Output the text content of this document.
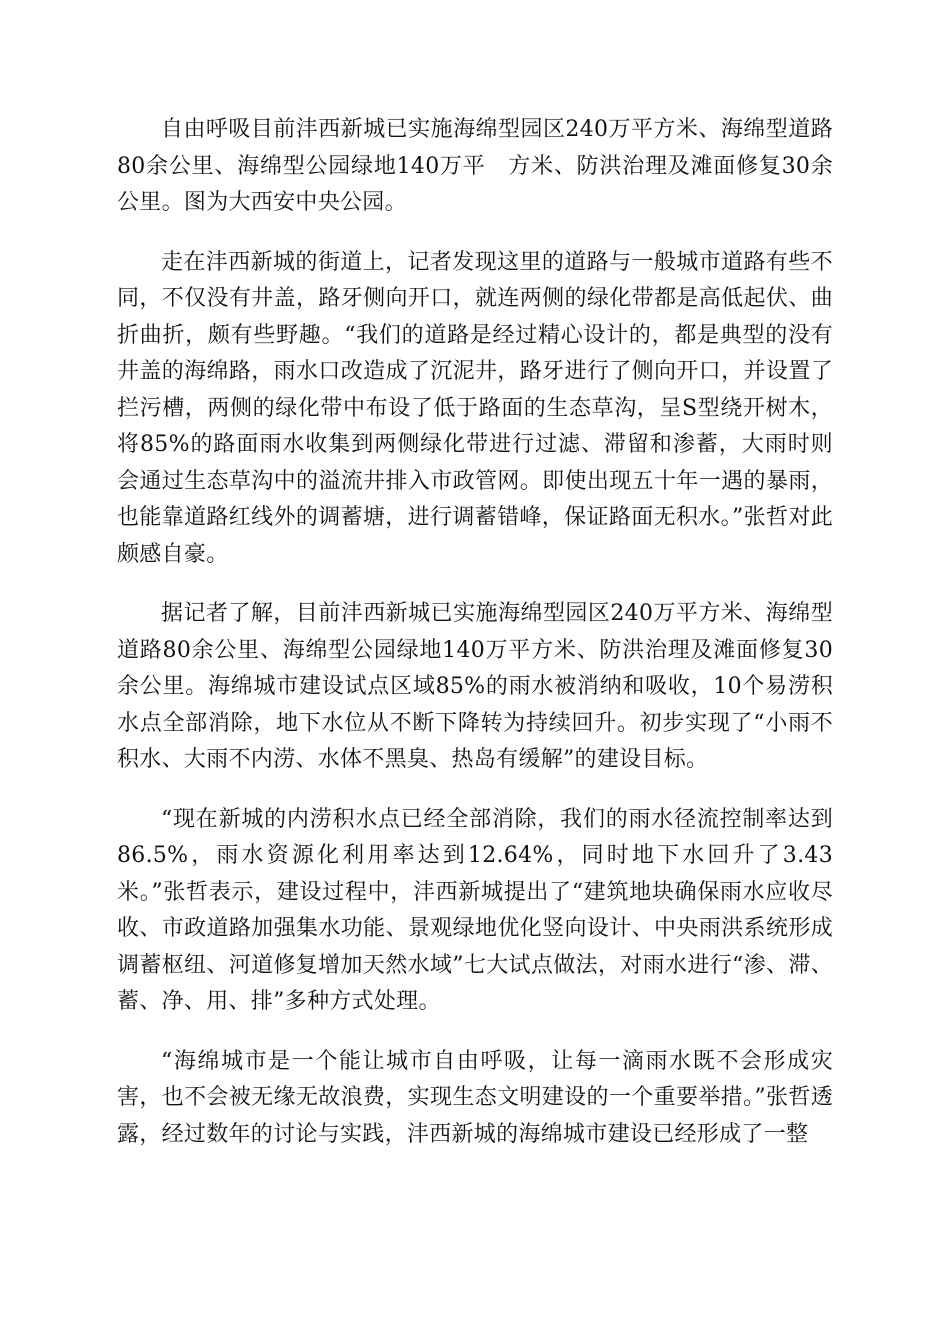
自由呼吸目前沣西新城已实施海绵型园区240万平方米、海绵型道路80余公里、海绵型公园绿地140万平　方米、防洪治理及滩面修复30余公里。图为大西安中央公园。

走在沣西新城的街道上，记者发现这里的道路与一般城市道路有些不同，不仅没有井盖，路牙侧向开口，就连两侧的绿化带都是高低起伏、曲折曲折，颇有些野趣。“我们的道路是经过精心设计的，都是典型的没有井盖的海绵路，雨水口改造成了沉泥井，路牙进行了侧向开口，并设置了拦污槽，两侧的绿化带中布设了低于路面的生态草沟，呈S型绕开树木，将85%的路面雨水收集到两侧绿化带进行过滤、滞留和渗蓄，大雨时则会通过生态草沟中的溢流井排入市政管网。即使出现五十年一遇的暴雨，也能靠道路红线外的调蓄塘，进行调蓄错峰，保证路面无积水。”张哲对此颇感自豪。

据记者了解，目前沣西新城已实施海绵型园区240万平方米、海绵型道路80余公里、海绵型公园绿地140万平方米、防洪治理及滩面修复30余公里。海绵城市建设试点区域85%的雨水被消纳和吸收，10个易涝积水点全部消除，地下水位从不断下降转为持续回升。初步实现了“小雨不积水、大雨不内涝、水体不黑臭、热岛有缓解”的建设目标。

“现在新城的内涝积水点已经全部消除，我们的雨水径流控制率达到86.5%，雨水资源化利用率达到12.64%，同时地下水回升了3.43米。”张哲表示，建设过程中，沣西新城提出了“建筑地块确保雨水应收尽收、市政道路加强集水功能、景观绿地优化竖向设计、中央雨洪系统形成调蓄枢纽、河道修复增加天然水域”七大试点做法，对雨水进行“渗、滞、蓄、净、用、排”多种方式处理。

“海绵城市是一个能让城市自由呼吸，让每一滴雨水既不会形成灾害，也不会被无缘无故浪费，实现生态文明建设的一个重要举措。”张哲透露，经过数年的讨论与实践，沣西新城的海绵城市建设已经形成了一整
